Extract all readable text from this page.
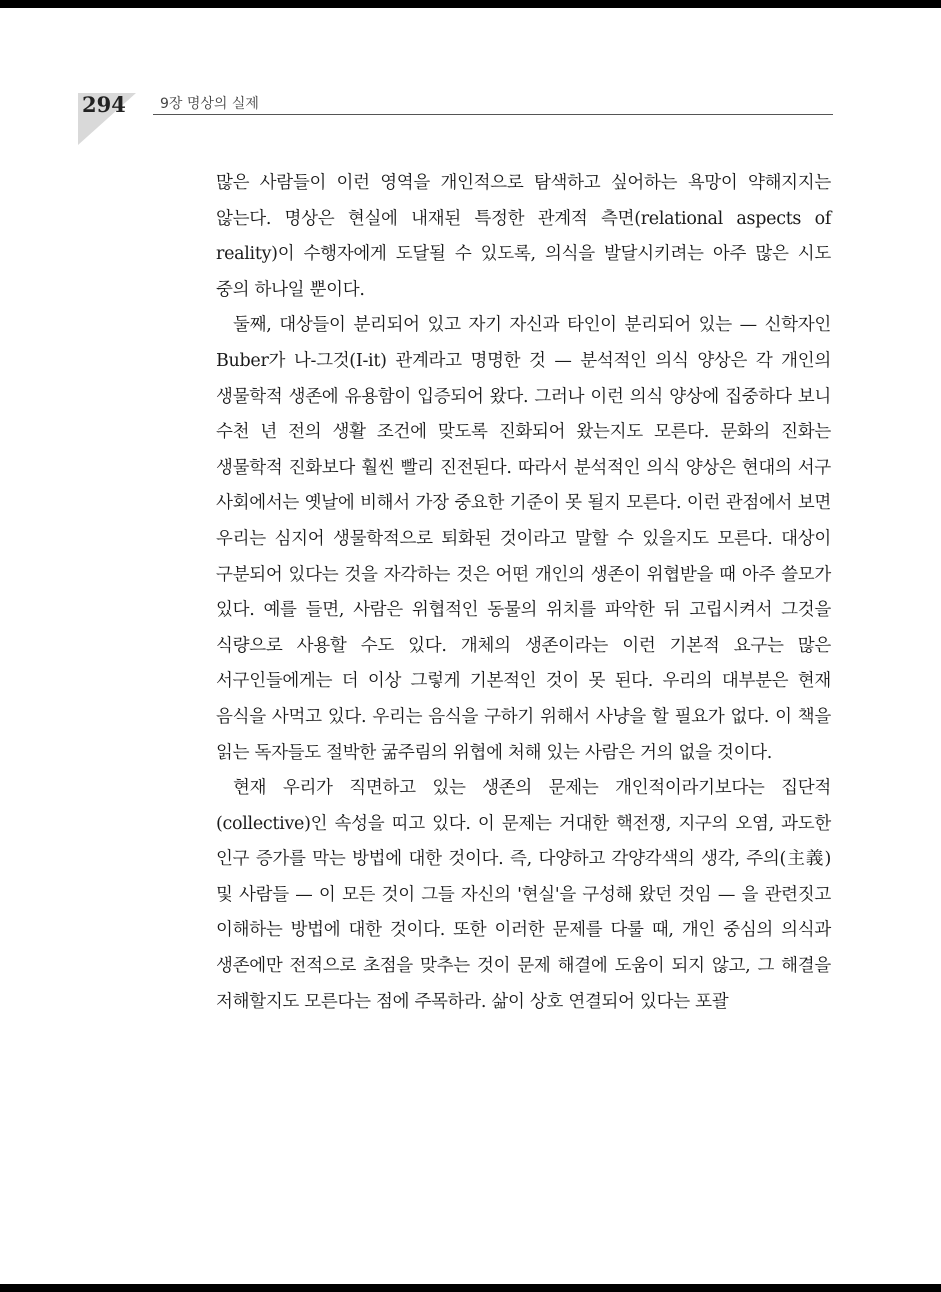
294 9장 명상의 실제

많은 사람들이 이런 영역을 개인적으로 탐색하고 싶어하는 욕망이 약해지지는 않는다. 명상은 현실에 내재된 특정한 관계적 측면(relational aspects of reality)이 수행자에게 도달될 수 있도록, 의식을 발달시키려는 아주 많은 시도 중의 하나일 뿐이다.

둘째, 대상들이 분리되어 있고 자기 자신과 타인이 분리되어 있는 — 신학자인 Buber가 나-그것(I-it) 관계라고 명명한 것 — 분석적인 의식 양상은 각 개인의 생물학적 생존에 유용함이 입증되어 왔다. 그러나 이런 의식 양상에 집중하다 보니 수천 년 전의 생활 조건에 맞도록 진화되어 왔는지도 모른다. 문화의 진화는 생물학적 진화보다 훨씬 빨리 진전된다. 따라서 분석적인 의식 양상은 현대의 서구 사회에서는 옛날에 비해서 가장 중요한 기준이 못 될지 모른다. 이런 관점에서 보면 우리는 심지어 생물학적으로 퇴화된 것이라고 말할 수 있을지도 모른다. 대상이 구분되어 있다는 것을 자각하는 것은 어떤 개인의 생존이 위협받을 때 아주 쓸모가 있다. 예를 들면, 사람은 위협적인 동물의 위치를 파악한 뒤 고립시켜서 그것을 식량으로 사용할 수도 있다. 개체의 생존이라는 이런 기본적 요구는 많은 서구인들에게는 더 이상 그렇게 기본적인 것이 못 된다. 우리의 대부분은 현재 음식을 사먹고 있다. 우리는 음식을 구하기 위해서 사냥을 할 필요가 없다. 이 책을 읽는 독자들도 절박한 굶주림의 위협에 처해 있는 사람은 거의 없을 것이다.

현재 우리가 직면하고 있는 생존의 문제는 개인적이라기보다는 집단적(collective)인 속성을 띠고 있다. 이 문제는 거대한 핵전쟁, 지구의 오염, 과도한 인구 증가를 막는 방법에 대한 것이다. 즉, 다양하고 각양각색의 생각, 주의(主義) 및 사람들 — 이 모든 것이 그들 자신의 '현실'을 구성해 왔던 것임 — 을 관련짓고 이해하는 방법에 대한 것이다. 또한 이러한 문제를 다룰 때, 개인 중심의 의식과 생존에만 전적으로 초점을 맞추는 것이 문제 해결에 도움이 되지 않고, 그 해결을 저해할지도 모른다는 점에 주목하라. 삶이 상호 연결되어 있다는 포괄
